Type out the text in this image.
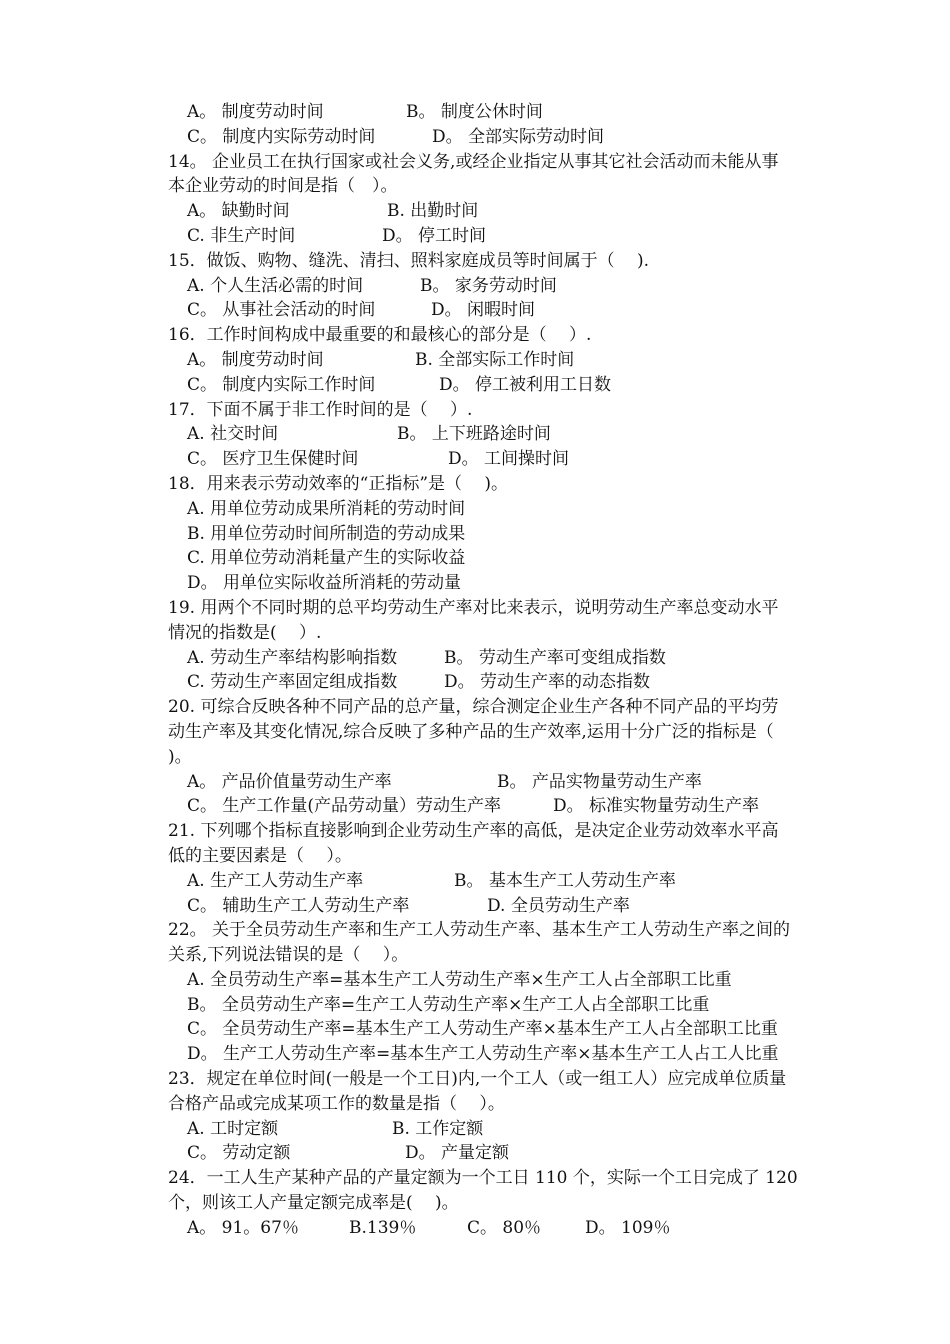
A。 制度劳动时间	B。 制度公休时间
C。 制度内实际劳动时间	D。 全部实际劳动时间
14。 企业员工在执行国家或社会义务,或经企业指定从事其它社会活动而未能从事
本企业劳动的时间是指（　）。
A。 缺勤时间	B. 出勤时间
C. 非生产时间	D。 停工时间
15．做饭、购物、缝洗、清扫、照料家庭成员等时间属于（　 ).
A. 个人生活必需的时间	B。 家务劳动时间
C。 从事社会活动的时间	D。 闲暇时间
16．工作时间构成中最重要的和最核心的部分是（　 ）.
A。 制度劳动时间	B. 全部实际工作时间
C。 制度内实际工作时间	D。 停工被利用工日数
17．下面不属于非工作时间的是（　 ）.
A. 社交时间	B。 上下班路途时间
C。 医疗卫生保健时间	D。 工间操时间
18．用来表示劳动效率的“正指标”是（　 )。
A. 用单位劳动成果所消耗的劳动时间
B. 用单位劳动时间所制造的劳动成果
C. 用单位劳动消耗量产生的实际收益
D。 用单位实际收益所消耗的劳动量
19. 用两个不同时期的总平均劳动生产率对比来表示，说明劳动生产率总变动水平
情况的指数是(　 ）.
A. 劳动生产率结构影响指数	B。 劳动生产率可变组成指数
C. 劳动生产率固定组成指数	D。 劳动生产率的动态指数
20. 可综合反映各种不同产品的总产量，综合测定企业生产各种不同产品的平均劳
动生产率及其变化情况,综合反映了多种产品的生产效率,运用十分广泛的指标是（
)。
A。 产品价值量劳动生产率	B。 产品实物量劳动生产率
C。 生产工作量(产品劳动量）劳动生产率	D。 标准实物量劳动生产率
21. 下列哪个指标直接影响到企业劳动生产率的高低，是决定企业劳动效率水平高
低的主要因素是（　 ）。
A. 生产工人劳动生产率	B。 基本生产工人劳动生产率
C。 辅助生产工人劳动生产率	D. 全员劳动生产率
22。 关于全员劳动生产率和生产工人劳动生产率、基本生产工人劳动生产率之间的
关系,下列说法错误的是（　 ）。
A. 全员劳动生产率=基本生产工人劳动生产率×生产工人占全部职工比重
B。 全员劳动生产率=生产工人劳动生产率×生产工人占全部职工比重
C。 全员劳动生产率=基本生产工人劳动生产率×基本生产工人占全部职工比重
D。 生产工人劳动生产率=基本生产工人劳动生产率×基本生产工人占工人比重
23．规定在单位时间(一般是一个工日)内,一个工人（或一组工人）应完成单位质量
合格产品或完成某项工作的数量是指（　 ）。
A. 工时定额	B. 工作定额
C。 劳动定额	D。 产量定额
24．一工人生产某种产品的产量定额为一个工日 110 个，实际一个工日完成了 120
个，则该工人产量定额完成率是(　 )。
A。 91。67％	B.139％	C。 80％	D。 109％
